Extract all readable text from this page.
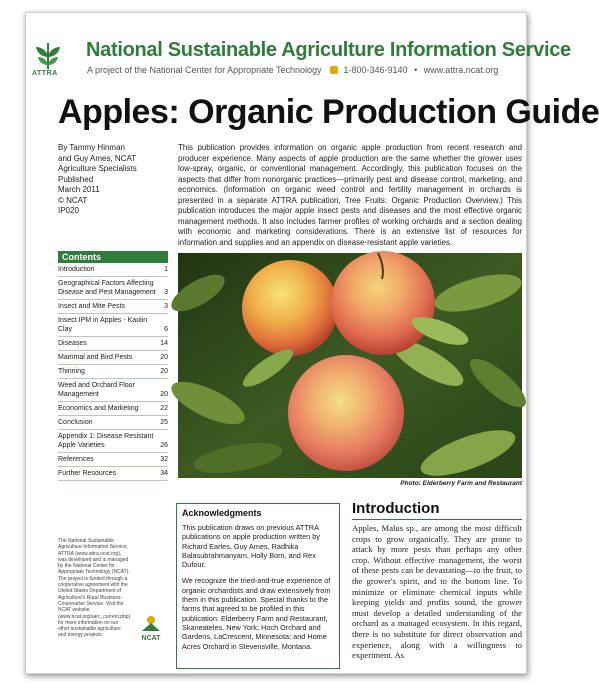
ATTRA
National Sustainable Agriculture Information Service
A project of the National Center for Appropriate Technology 1-800-346-9140 • www.attra.ncat.org
Apples: Organic Production Guide
By Tammy Hinman
and Guy Ames, NCAT
Agriculture Specialists
Published
March 2011
© NCAT
IP020
Contents
Introduction	1
Geographical Factors Affecting Disease and Pest Management	3
Insect and Mite Pests	3
Insect IPM in Apples - Kaolin Clay	6
Diseases	14
Mammal and Bird Pests	20
Thinning	20
Weed and Orchard Floor Management	20
Economics and Marketing	22
Conclusion	25
Appendix 1: Disease Resistant Apple Varieties	26
References	32
Further Resources	34
The National Sustainable Agriculture Information Service, ATTRA (www.attra.ncat.org), was developed and is managed by the National Center for Appropriate Technology (NCAT). The project is funded through a cooperative agreement with the United States Department of Agriculture's Rural Business-Cooperative Service. Visit the NCAT website (www.ncat.org/sarc_current.php) for more information on our other sustainable agriculture and energy projects.	NCAT
This publication provides information on organic apple production from recent research and producer experience. Many aspects of apple production are the same whether the grower uses low-spray, organic, or conventional management. Accordingly, this publication focuses on the aspects that differ from nonorganic practices—primarily pest and disease control, marketing, and economics. (Information on organic weed control and fertility management in orchards is presented in a separate ATTRA publication, Tree Fruits: Organic Production Overview.) This publication introduces the major apple insect pests and diseases and the most effective organic management methods. It also includes farmer profiles of working orchards and a section dealing with economic and marketing considerations. There is an extensive list of resources for information and supplies and an appendix on disease-resistant apple varieties.
Photo: Elderberry Farm and Restaurant
Acknowledgments

This publication draws on previous ATTRA publications on apple production written by Richard Earles, Guy Ames, Radhika Balasubrahmanyam, Holly Born, and Rex Dufour.

We recognize the tried-and-true experience of organic orchardists and draw extensively from them in this publication. Special thanks to the farms that agreed to be profiled in this publication: Elderberry Farm and Restaurant, Skaneateles, New York; Hoch Orchard and Gardens, LaCrescent, Minnesota; and Home Acres Orchard in Stevensville, Montana.

Introduction
Apples, Malus sp., are among the most difficult crops to grow organically. They are prone to attack by more pests than perhaps any other crop. Without effective management, the worst of these pests can be devastating—to the fruit, to the grower's spirit, and to the bottom line. To minimize or eliminate chemical inputs while keeping yields and profits sound, the grower must develop a detailed understanding of the orchard as a managed ecosystem. In this regard, there is no substitute for direct observation and experience, along with a willingness to experiment. As
